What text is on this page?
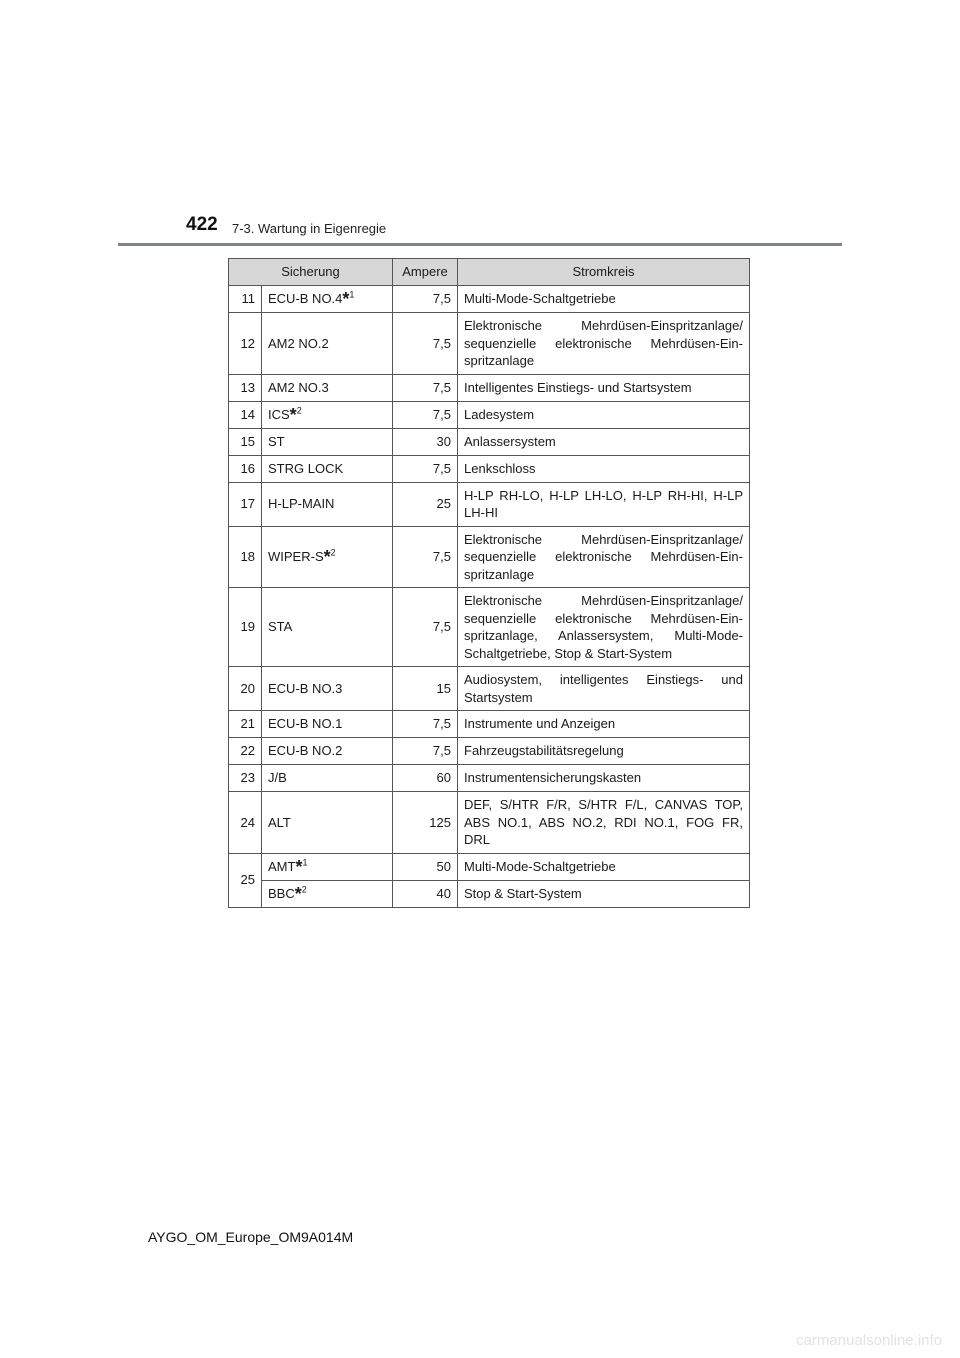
422 7-3. Wartung in Eigenregie
Sicherung		Ampere	Stromkreis
11	ECU-B NO.4*$^1$	7,5	Multi-Mode-Schaltgetriebe
12	AM2 NO.2	7,5	Elektronische Mehrdüsen-Einspritzanlage/ sequenzielle elektronische Mehrdüsen-Ein-spritzanlage
13	AM2 NO.3	7,5	Intelligentes Einstiegs- und Startsystem
14	ICS*$^2$	7,5	Ladesystem
15	ST	30	Anlassersystem
16	STRG LOCK	7,5	Lenkschloss
17	H-LP-MAIN	25	H-LP RH-LO, H-LP LH-LO, H-LP RH-HI, H-LP LH-HI
18	WIPER-S*$^2$	7,5	Elektronische Mehrdüsen-Einspritzanlage/ sequenzielle elektronische Mehrdüsen-Ein-spritzanlage
19	STA	7,5	Elektronische Mehrdüsen-Einspritzanlage/ sequenzielle elektronische Mehrdüsen-Ein-spritzanlage, Anlassersystem, Multi-Mode-Schaltgetriebe, Stop & Start-System
20	ECU-B NO.3	15	Audiosystem, intelligentes Einstiegs- und Startsystem
21	ECU-B NO.1	7,5	Instrumente und Anzeigen
22	ECU-B NO.2	7,5	Fahrzeugstabilitätsregelung
23	J/B	60	Instrumentensicherungskasten
24	ALT	125	DEF, S/HTR F/R, S/HTR F/L, CANVAS TOP, ABS NO.1, ABS NO.2, RDI NO.1, FOG FR, DRL
25	AMT*$^1$	50	Multi-Mode-Schaltgetriebe
	BBC*$^2$	40	Stop & Start-System
AYGO_OM_Europe_OM9A014M
carmanualsonline.info
